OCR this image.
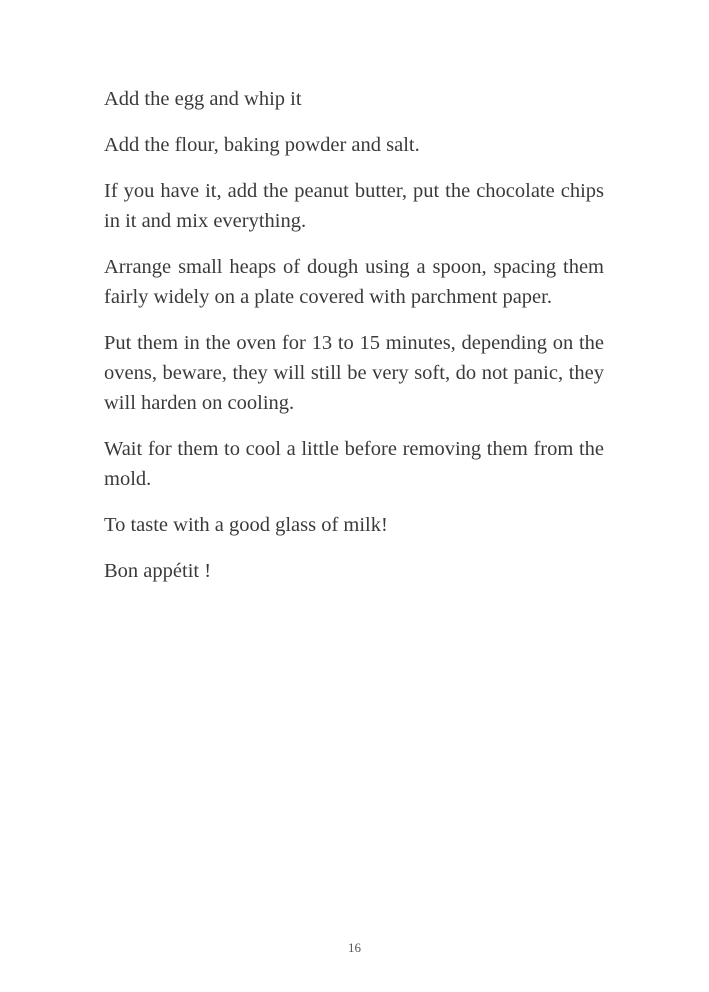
Add the egg and whip it

Add the flour, baking powder and salt.

If you have it, add the peanut butter, put the chocolate chips in it and mix everything.

Arrange small heaps of dough using a spoon, spacing them fairly widely on a plate covered with parchment paper.

Put them in the oven for 13 to 15 minutes, depending on the ovens, beware, they will still be very soft, do not panic, they will harden on cooling.

Wait for them to cool a little before removing them from the mold.

To taste with a good glass of milk!

Bon appétit !

16
